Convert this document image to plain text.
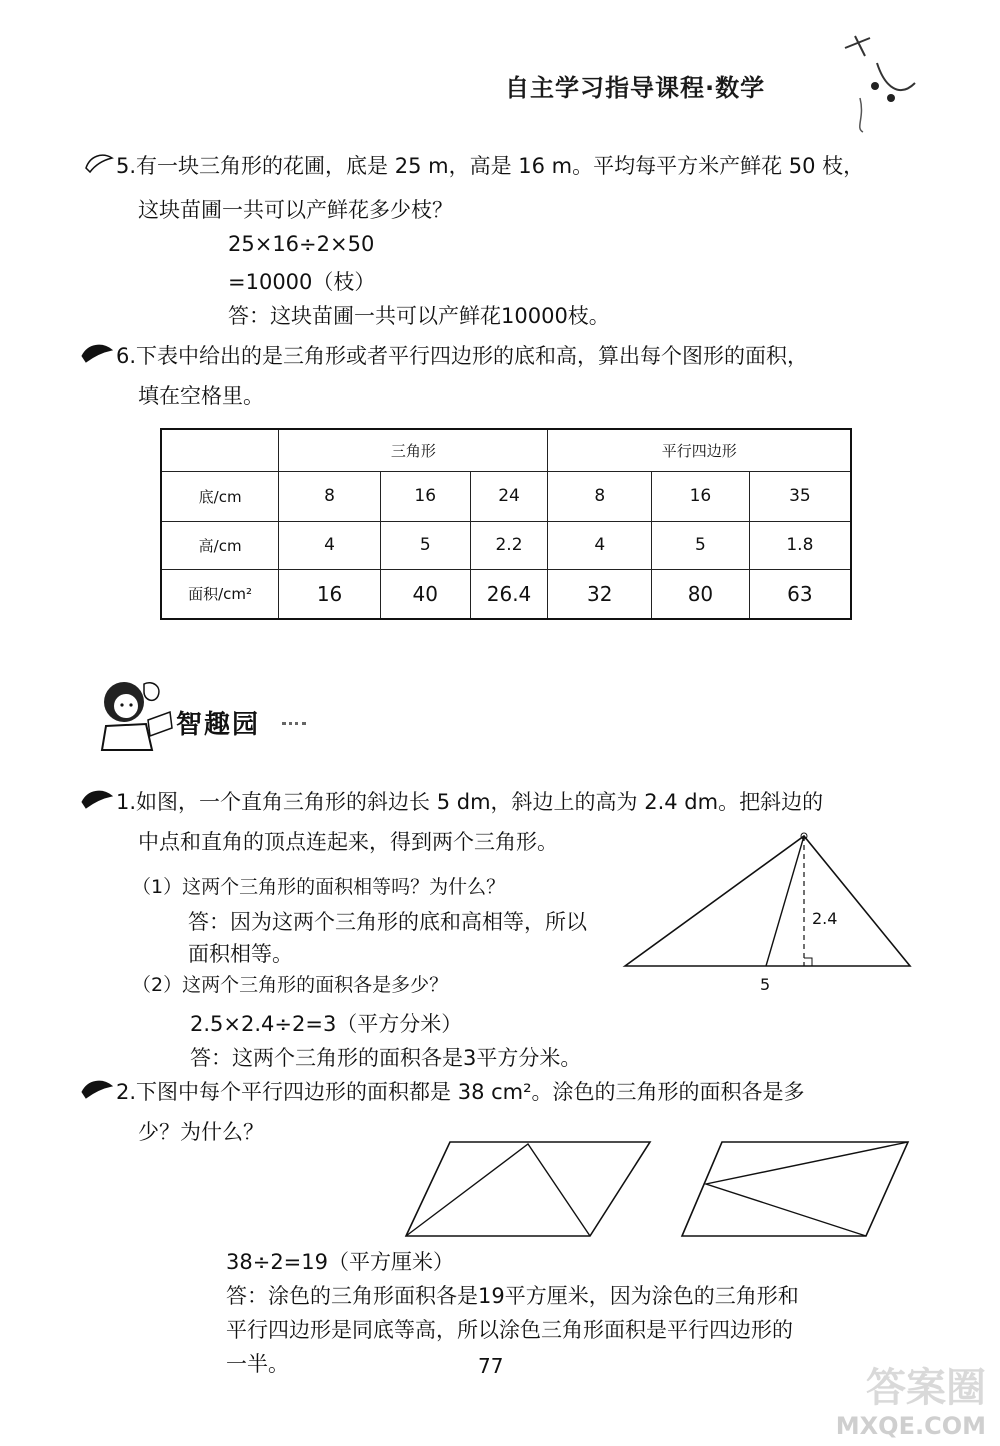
自主学习指导课程·数学
5.有一块三角形的花圃，底是 25 m，高是 16 m。平均每平方米产鲜花 50 枝，
这块苗圃一共可以产鲜花多少枝？
25×16÷2×50
=10000（枝）
答：这块苗圃一共可以产鲜花10000枝。
6.下表中给出的是三角形或者平行四边形的底和高，算出每个图形的面积，
填在空格里。
	三角形			平行四边形		
底/cm	8	16	24	8	16	35
高/cm	4	5	2.2	4	5	1.8
面积/cm²	16	40	26.4	32	80	63
智趣园
1.如图，一个直角三角形的斜边长 5 dm，斜边上的高为 2.4 dm。把斜边的
中点和直角的顶点连起来，得到两个三角形。
（1）这两个三角形的面积相等吗？为什么？
答：因为这两个三角形的底和高相等，所以
面积相等。
（2）这两个三角形的面积各是多少？
2.5×2.4÷2=3（平方分米）
答：这两个三角形的面积各是3平方分米。
2.4
5
2.下图中每个平行四边形的面积都是 38 cm²。涂色的三角形的面积各是多
少？为什么？
38÷2=19（平方厘米）
答：涂色的三角形面积各是19平方厘米，因为涂色的三角形和
平行四边形是同底等高，所以涂色三角形面积是平行四边形的
一半。	77	答案圈
MXQE.COM
